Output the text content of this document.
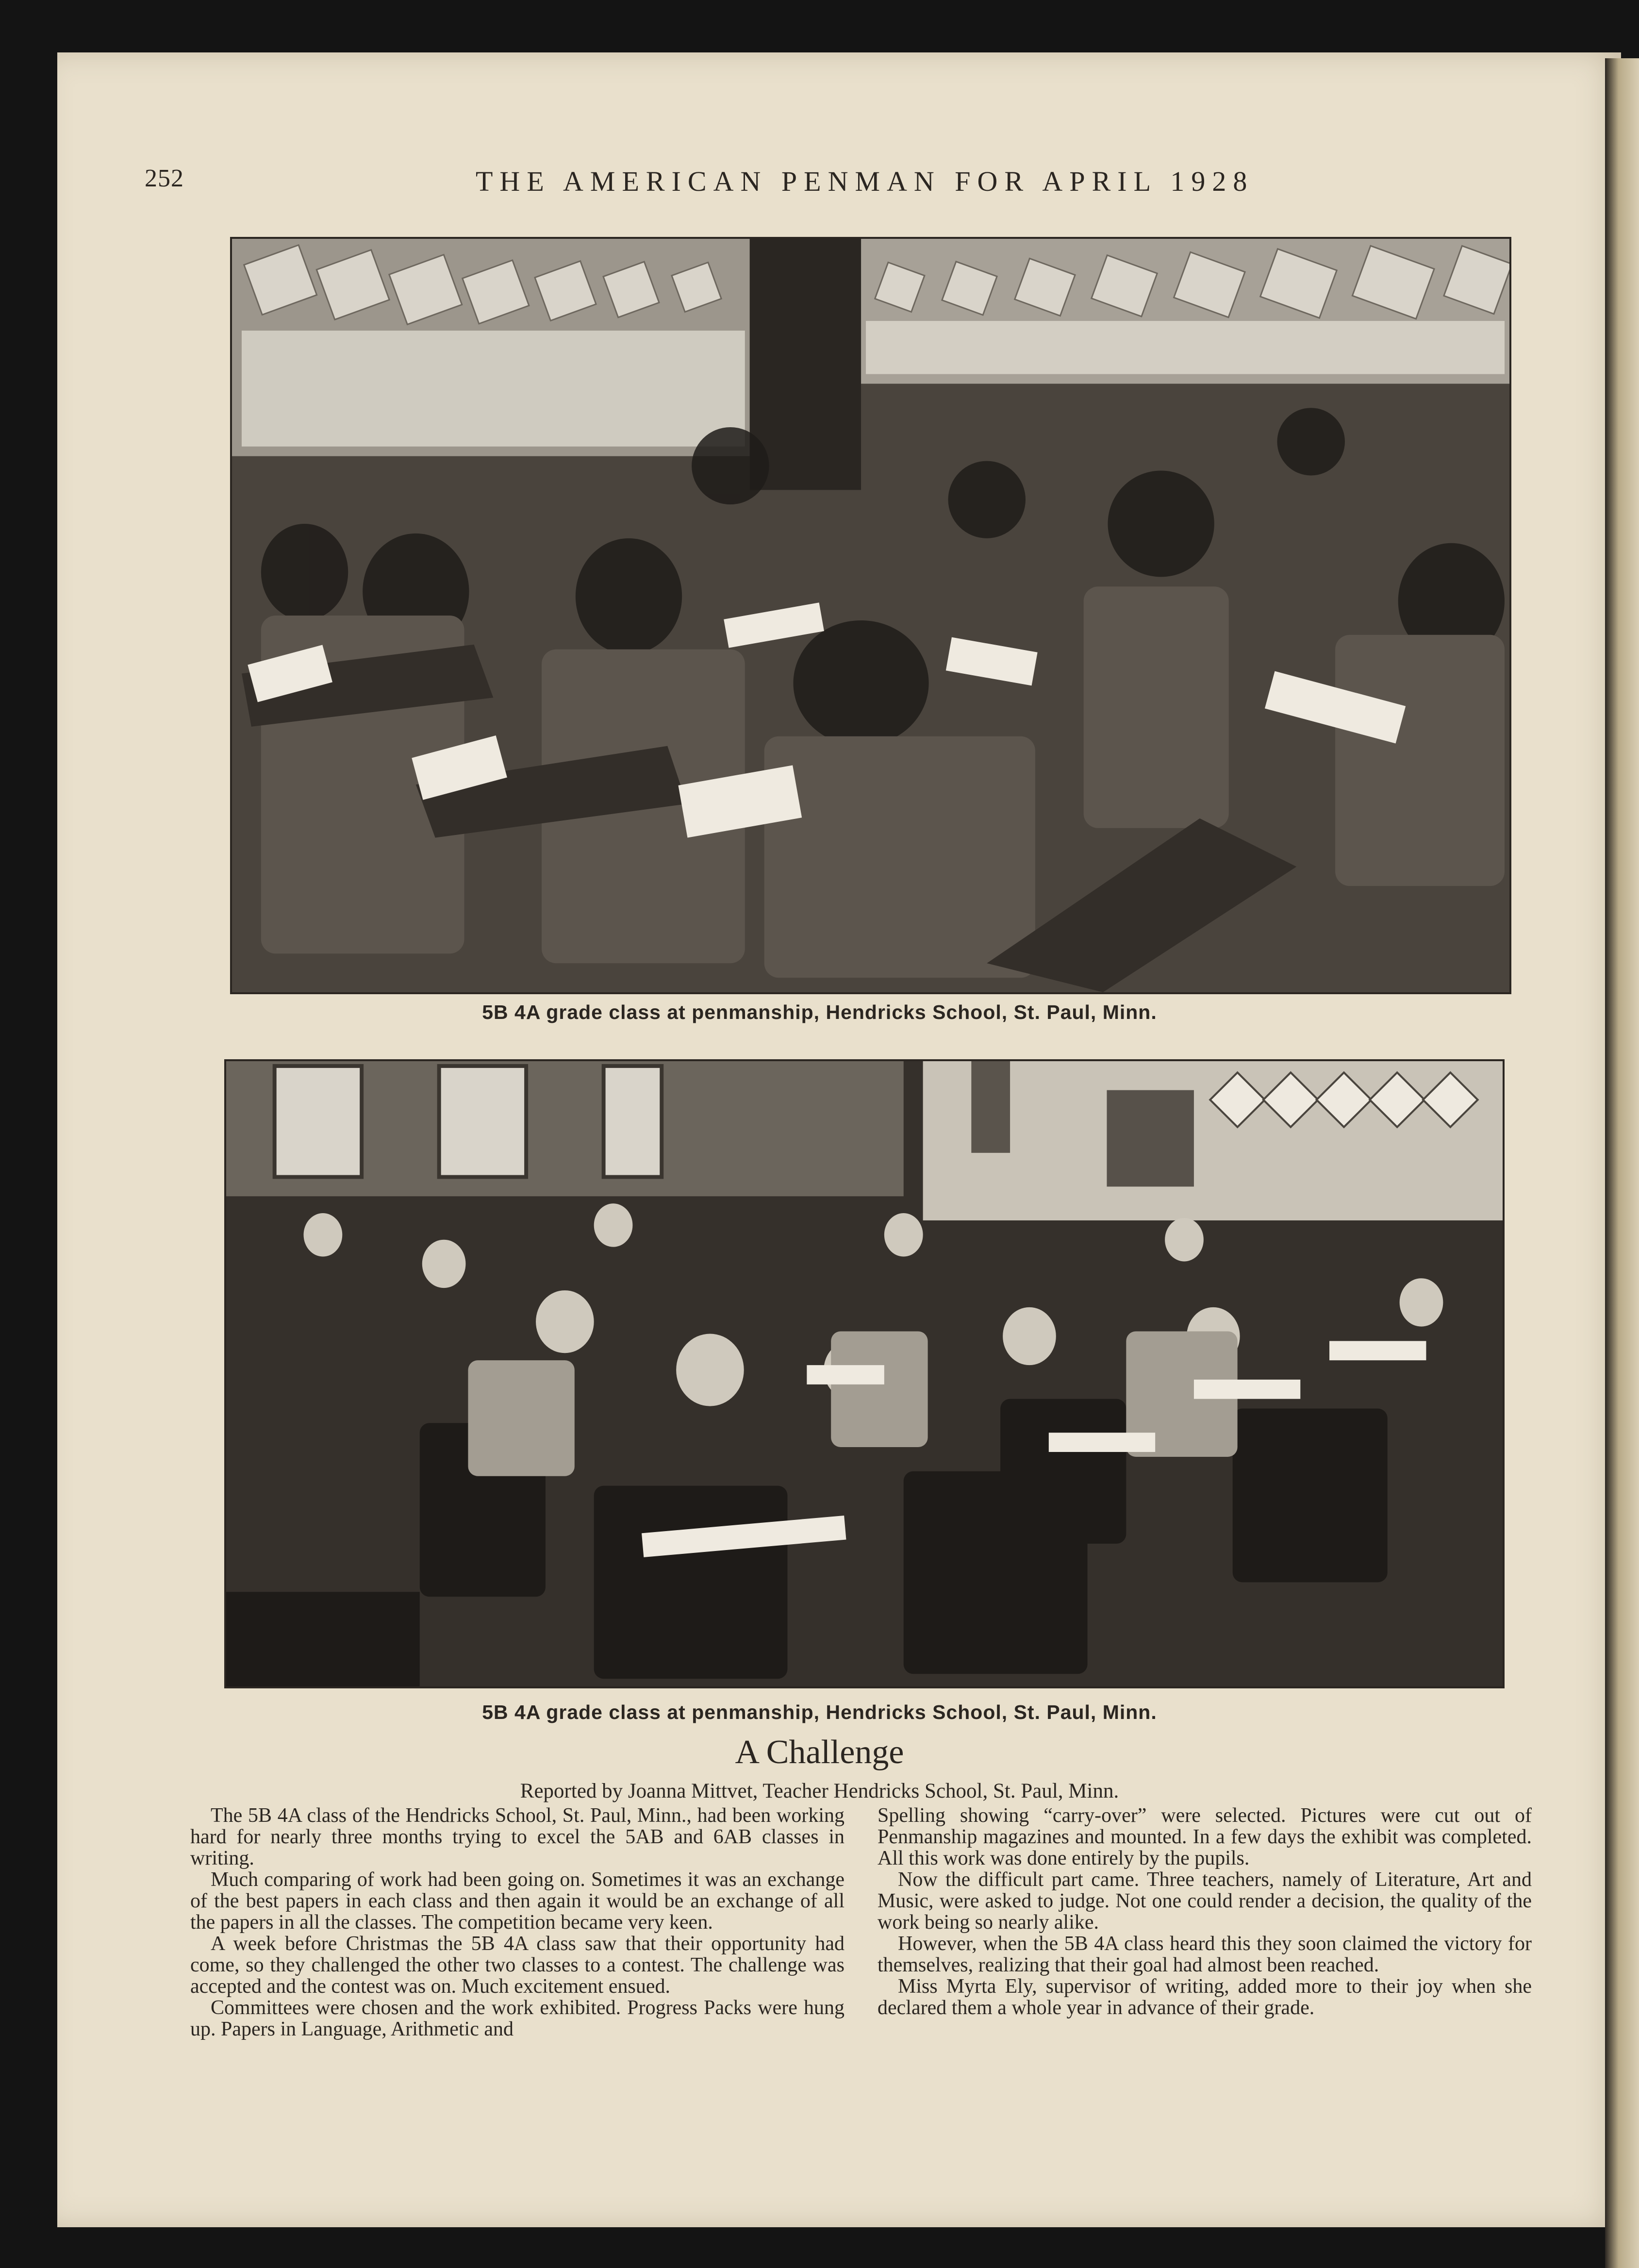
252	THE AMERICAN PENMAN FOR APRIL 1928
5B 4A grade class at penmanship, Hendricks School, St. Paul, Minn.
5B 4A grade class at penmanship, Hendricks School, St. Paul, Minn.
A Challenge
Reported by Joanna Mittvet, Teacher Hendricks School, St. Paul, Minn.

The 5B 4A class of the Hendricks School, St. Paul, Minn., had been working hard for nearly three months trying to excel the 5AB and 6AB classes in writing.

Much comparing of work had been going on. Sometimes it was an exchange of the best papers in each class and then again it would be an exchange of all the papers in all the classes. The competition became very keen.

A week before Christmas the 5B 4A class saw that their opportunity had come, so they challenged the other two classes to a contest. The challenge was accepted and the contest was on. Much excitement ensued.

Committees were chosen and the work exhibited. Progress Packs were hung up. Papers in Language, Arithmetic and

Spelling showing “carry-over” were selected. Pictures were cut out of Penmanship magazines and mounted. In a few days the exhibit was completed. All this work was done entirely by the pupils.

Now the difficult part came. Three teachers, namely of Literature, Art and Music, were asked to judge. Not one could render a decision, the quality of the work being so nearly alike.

However, when the 5B 4A class heard this they soon claimed the victory for themselves, realizing that their goal had almost been reached.

Miss Myrta Ely, supervisor of writing, added more to their joy when she declared them a whole year in advance of their grade.
